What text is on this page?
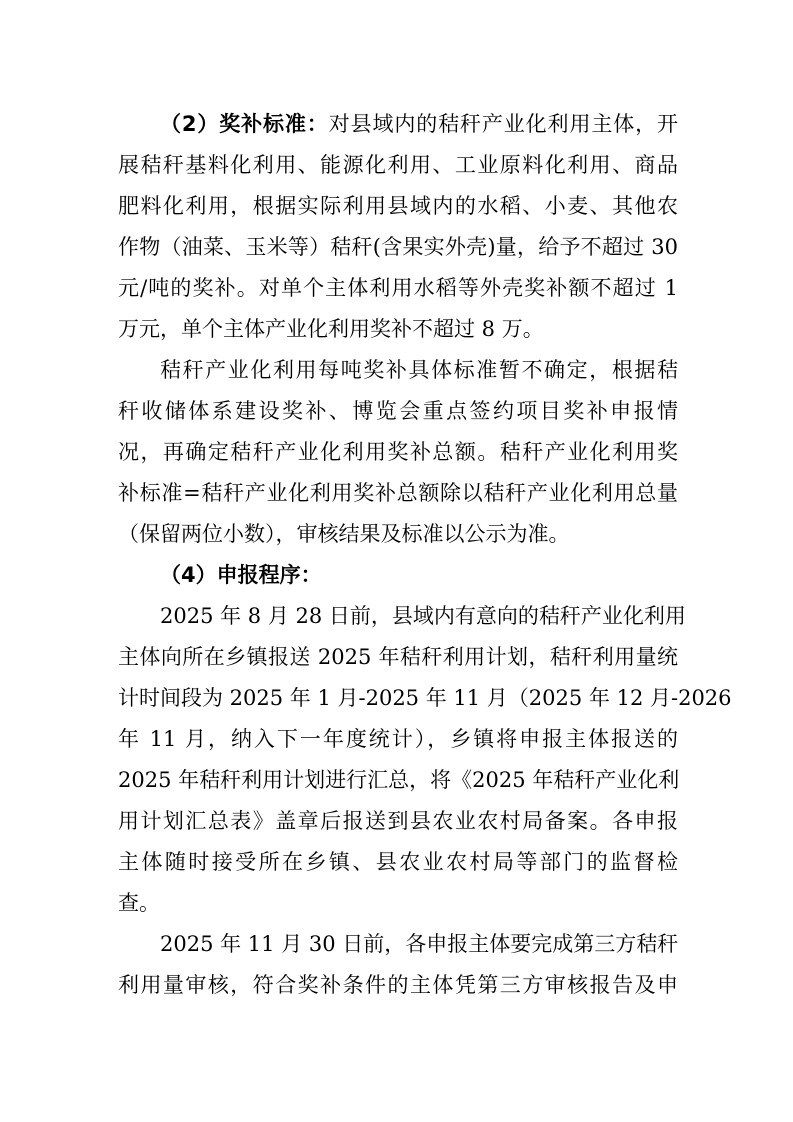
（2）奖补标准：对县域内的秸秆产业化利用主体，开
展秸秆基料化利用、能源化利用、工业原料化利用、商品
肥料化利用，根据实际利用县域内的水稻、小麦、其他农
作物（油菜、玉米等）秸秆(含果实外壳)量，给予不超过 30
元/吨的奖补。对单个主体利用水稻等外壳奖补额不超过 1
万元，单个主体产业化利用奖补不超过 8 万。
秸秆产业化利用每吨奖补具体标准暂不确定，根据秸
秆收储体系建设奖补、博览会重点签约项目奖补申报情
况，再确定秸秆产业化利用奖补总额。秸秆产业化利用奖
补标准=秸秆产业化利用奖补总额除以秸秆产业化利用总量
（保留两位小数），审核结果及标准以公示为准。
（4）申报程序：
2025 年 8 月 28 日前，县域内有意向的秸秆产业化利用
主体向所在乡镇报送 2025 年秸秆利用计划，秸秆利用量统
计时间段为 2025 年 1 月-2025 年 11 月（2025 年 12 月-2026
年 11 月，纳入下一年度统计），乡镇将申报主体报送的
2025 年秸秆利用计划进行汇总，将《2025 年秸秆产业化利
用计划汇总表》盖章后报送到县农业农村局备案。各申报
主体随时接受所在乡镇、县农业农村局等部门的监督检
查。
2025 年 11 月 30 日前，各申报主体要完成第三方秸秆
利用量审核，符合奖补条件的主体凭第三方审核报告及申
